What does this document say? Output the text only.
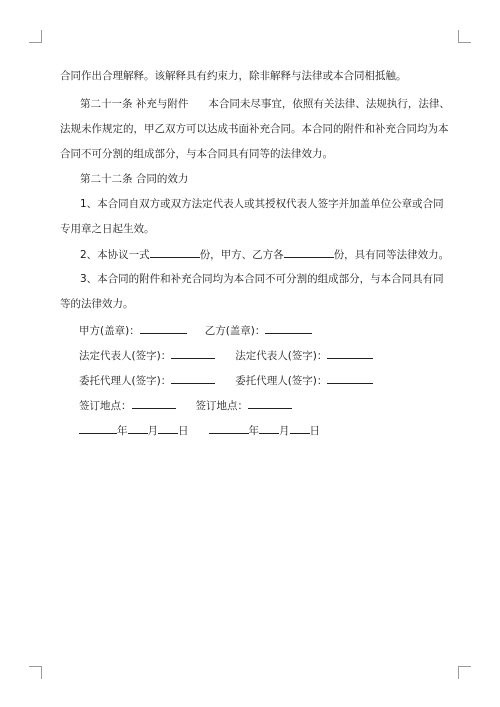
合同作出合理解释。该解释具有约束力，除非解释与法律或本合同相抵触。
第二十一条 补充与附件 本合同未尽事宜，依照有关法律、法规执行，法律、
法规未作规定的，甲乙双方可以达成书面补充合同。本合同的附件和补充合同均为本
合同不可分割的组成部分，与本合同具有同等的法律效力。
第二十二条 合同的效力
1、本合同自双方或双方法定代表人或其授权代表人签字并加盖单位公章或合同
专用章之日起生效。
2、本协议一式	份，甲方、乙方各	份，具有同等法律效力。
3、本合同的附件和补充合同均为本合同不可分割的组成部分，与本合同具有同
等的法律效力。
甲方(盖章)：	乙方(盖章)：
法定代表人(签字)：	法定代表人(签字)：
委托代理人(签字)：	委托代理人(签字)：
签订地点：	签订地点：
年 月 日	年 月 日
